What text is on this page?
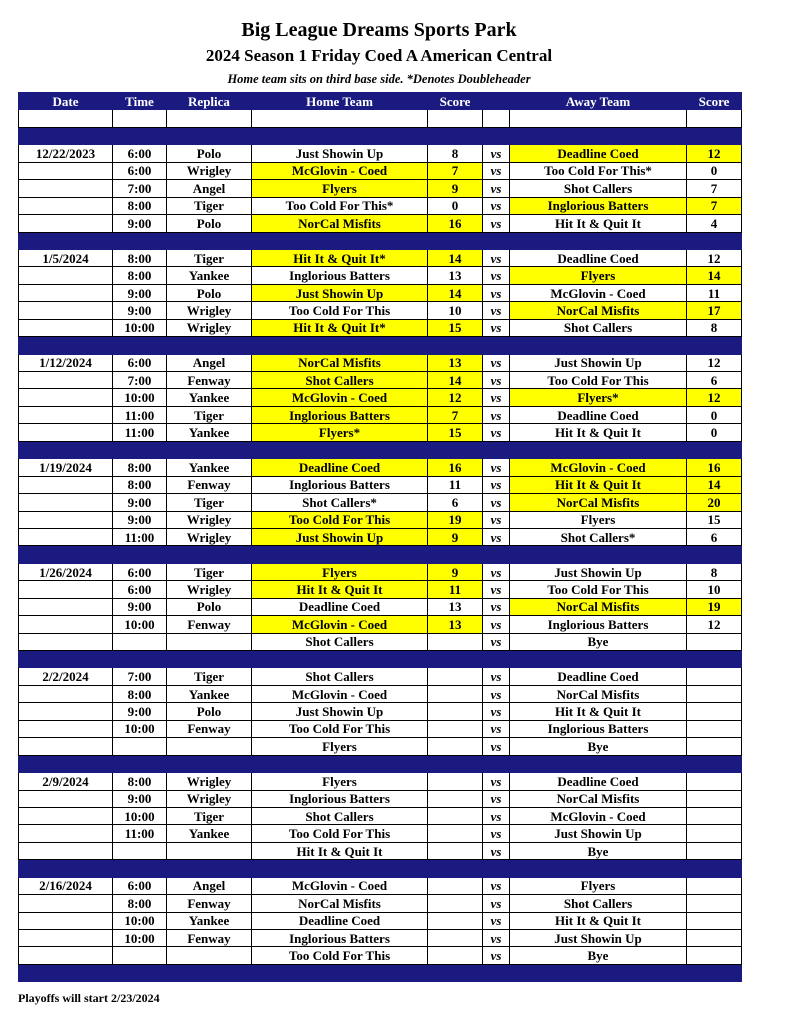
Big League Dreams Sports Park
2024 Season 1 Friday Coed A American Central
Home team sits on third base side. *Denotes Doubleheader
Date	Time	Replica	Home Team	Score		Away Team	Score

12/22/2023	6:00	Polo	Just Showin Up	8	vs	Deadline Coed	12
	6:00	Wrigley	McGlovin - Coed	7	vs	Too Cold For This*	0
	7:00	Angel	Flyers	9	vs	Shot Callers	7
	8:00	Tiger	Too Cold For This*	0	vs	Inglorious Batters	7
	9:00	Polo	NorCal Misfits	16	vs	Hit It & Quit It	4

1/5/2024	8:00	Tiger	Hit It & Quit It*	14	vs	Deadline Coed	12
	8:00	Yankee	Inglorious Batters	13	vs	Flyers	14
	9:00	Polo	Just Showin Up	14	vs	McGlovin - Coed	11
	9:00	Wrigley	Too Cold For This	10	vs	NorCal Misfits	17
	10:00	Wrigley	Hit It & Quit It*	15	vs	Shot Callers	8

1/12/2024	6:00	Angel	NorCal Misfits	13	vs	Just Showin Up	12
	7:00	Fenway	Shot Callers	14	vs	Too Cold For This	6
	10:00	Yankee	McGlovin - Coed	12	vs	Flyers*	12
	11:00	Tiger	Inglorious Batters	7	vs	Deadline Coed	0
	11:00	Yankee	Flyers*	15	vs	Hit It & Quit It	0

1/19/2024	8:00	Yankee	Deadline Coed	16	vs	McGlovin - Coed	16
	8:00	Fenway	Inglorious Batters	11	vs	Hit It & Quit It	14
	9:00	Tiger	Shot Callers*	6	vs	NorCal Misfits	20
	9:00	Wrigley	Too Cold For This	19	vs	Flyers	15
	11:00	Wrigley	Just Showin Up	9	vs	Shot Callers*	6

1/26/2024	6:00	Tiger	Flyers	9	vs	Just Showin Up	8
	6:00	Wrigley	Hit It & Quit It	11	vs	Too Cold For This	10
	9:00	Polo	Deadline Coed	13	vs	NorCal Misfits	19
	10:00	Fenway	McGlovin - Coed	13	vs	Inglorious Batters	12
			Shot Callers		vs	Bye	

2/2/2024	7:00	Tiger	Shot Callers		vs	Deadline Coed	
	8:00	Yankee	McGlovin - Coed		vs	NorCal Misfits	
	9:00	Polo	Just Showin Up		vs	Hit It & Quit It	
	10:00	Fenway	Too Cold For This		vs	Inglorious Batters	
			Flyers		vs	Bye	

2/9/2024	8:00	Wrigley	Flyers		vs	Deadline Coed	
	9:00	Wrigley	Inglorious Batters		vs	NorCal Misfits	
	10:00	Tiger	Shot Callers		vs	McGlovin - Coed	
	11:00	Yankee	Too Cold For This		vs	Just Showin Up	
			Hit It & Quit It		vs	Bye	

2/16/2024	6:00	Angel	McGlovin - Coed		vs	Flyers	
	8:00	Fenway	NorCal Misfits		vs	Shot Callers	
	10:00	Yankee	Deadline Coed		vs	Hit It & Quit It	
	10:00	Fenway	Inglorious Batters		vs	Just Showin Up	
			Too Cold For This		vs	Bye	

Playoffs will start 2/23/2024
